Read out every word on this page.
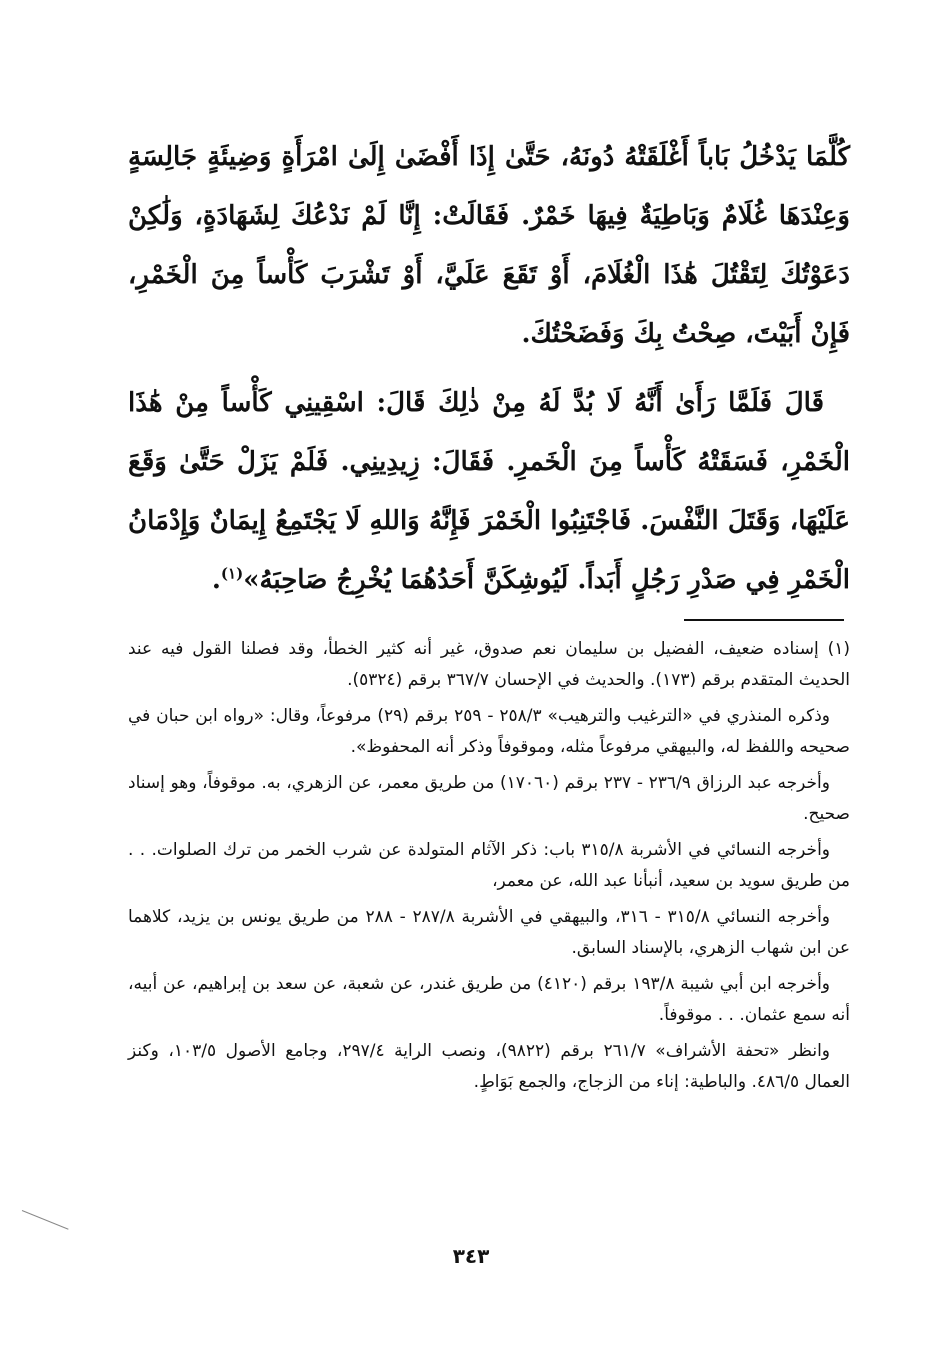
كُلَّمَا يَدْخُلُ بَاباً أَغْلَقَتْهُ دُونَهُ، حَتَّىٰ إِذَا أَفْضَىٰ إِلَىٰ امْرَأَةٍ وَضِيئَةٍ جَالِسَةٍ وَعِنْدَهَا غُلَامٌ وَبَاطِيَةٌ فِيهَا خَمْرٌ. فَقَالَتْ: إِنَّا لَمْ نَدْعُكَ لِشَهَادَةٍ، وَلَٰكِنْ دَعَوْتُكَ لِتَقْتُلَ هَٰذَا الْغُلَامَ، أَوْ تَقَعَ عَلَيَّ، أَوْ تَشْرَبَ كَأْساً مِنَ الْخَمْرِ، فَإِنْ أَبَيْتَ، صِحْتُ بِكَ وَفَضَحْتُكَ.

قَالَ فَلَمَّا رَأَىٰ أَنَّهُ لَا بُدَّ لَهُ مِنْ ذٰلِكَ قَالَ: اسْقِينِي كَأْساً مِنْ هَٰذَا الْخَمْرِ، فَسَقَتْهُ كَأْساً مِنَ الْخَمرِ. فَقَالَ: زِيدِينِي. فَلَمْ يَزَلْ حَتَّىٰ وَقَعَ عَلَيْهَا، وَقَتَلَ النَّفْسَ. فَاجْتَنِبُوا الْخَمْرَ فَإِنَّهُ وَاللهِ لَا يَجْتَمِعُ إِيمَانٌ وَإِدْمَانُ الْخَمْرِ فِي صَدْرِ رَجُلٍ أَبَداً. لَيُوشِكَنَّ أَحَدُهُمَا يُخْرِجُ صَاحِبَهُ»$^{(١)}$.

(١) إسناده ضعيف، الفضيل بن سليمان نعم صدوق، غير أنه كثير الخطأ، وقد فصلنا القول فيه عند الحديث المتقدم برقم (١٧٣). والحديث في الإحسان ٣٦٧/٧ برقم (٥٣٢٤).

وذكره المنذري في «الترغيب والترهيب» ٢٥٨/٣ - ٢٥٩ برقم (٢٩) مرفوعاً، وقال: «رواه ابن حبان في صحيحه واللفظ له، والبيهقي مرفوعاً مثله، وموقوفاً وذكر أنه المحفوظ».

وأخرجه عبد الرزاق ٢٣٦/٩ - ٢٣٧ برقم (١٧٠٦٠) من طريق معمر، عن الزهري، به. موقوفاً، وهو إسناد صحيح.

وأخرجه النسائي في الأشربة ٣١٥/٨ باب: ذكر الآثام المتولدة عن شرب الخمر من ترك الصلوات. . . من طريق سويد بن سعيد، أنبأنا عبد الله، عن معمر،

وأخرجه النسائي ٣١٥/٨ - ٣١٦، والبيهقي في الأشربة ٢٨٧/٨ - ٢٨٨ من طريق يونس بن يزيد، كلاهما عن ابن شهاب الزهري، بالإسناد السابق.

وأخرجه ابن أبي شيبة ١٩٣/٨ برقم (٤١٢٠) من طريق غندر، عن شعبة، عن سعد بن إبراهيم، عن أبيه، أنه سمع عثمان. . . موقوفاً.

وانظر «تحفة الأشراف» ٢٦١/٧ برقم (٩٨٢٢)، ونصب الراية ٢٩٧/٤، وجامع الأصول ١٠٣/٥، وكنز العمال ٤٨٦/٥. والباطية: إناء من الزجاج، والجمع بَوَاطٍ.

٣٤٣
